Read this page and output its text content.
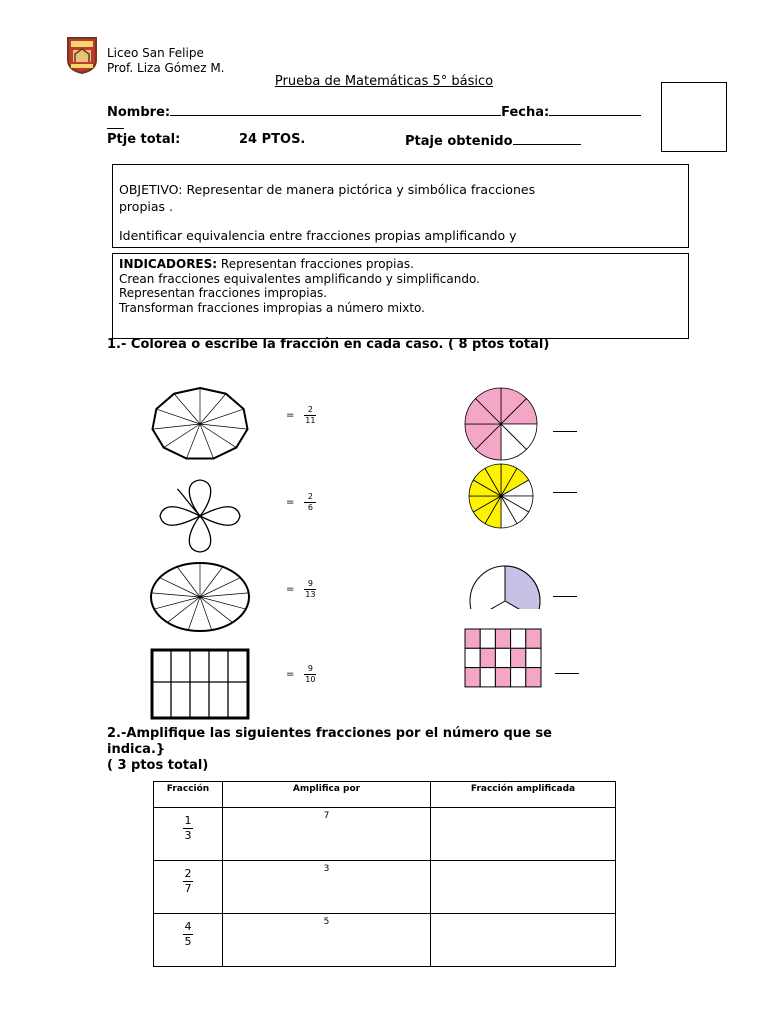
Liceo San Felipe
Prof. Liza Gómez M.
Prueba de Matemáticas 5° básico
Nombre:	Fecha:
Ptje total:	24 PTOS.	Ptaje obtenido
OBJETIVO: Representar de manera pictórica y simbólica fracciones
propias .
Identificar equivalencia entre fracciones propias amplificando y
INDICADORES: Representan fracciones propias.
Crean fracciones equivalentes amplificando y simplificando.
Representan fracciones impropias.
Transforman fracciones impropias a número mixto.
1.- Colorea o escribe la fracción en cada caso. ( 8 ptos total)
= $\frac{2}{11}$
= $\frac{2}{6}$
= $\frac{9}{13}$
= $\frac{9}{10}$
2.-Amplifique las siguientes fracciones por el número que se
indica.}
( 3 ptos total)
Fracción	Amplifica por	Fracción amplificada

$\frac{1}{3}$	7	

$\frac{2}{7}$	3	

$\frac{4}{5}$	5	
